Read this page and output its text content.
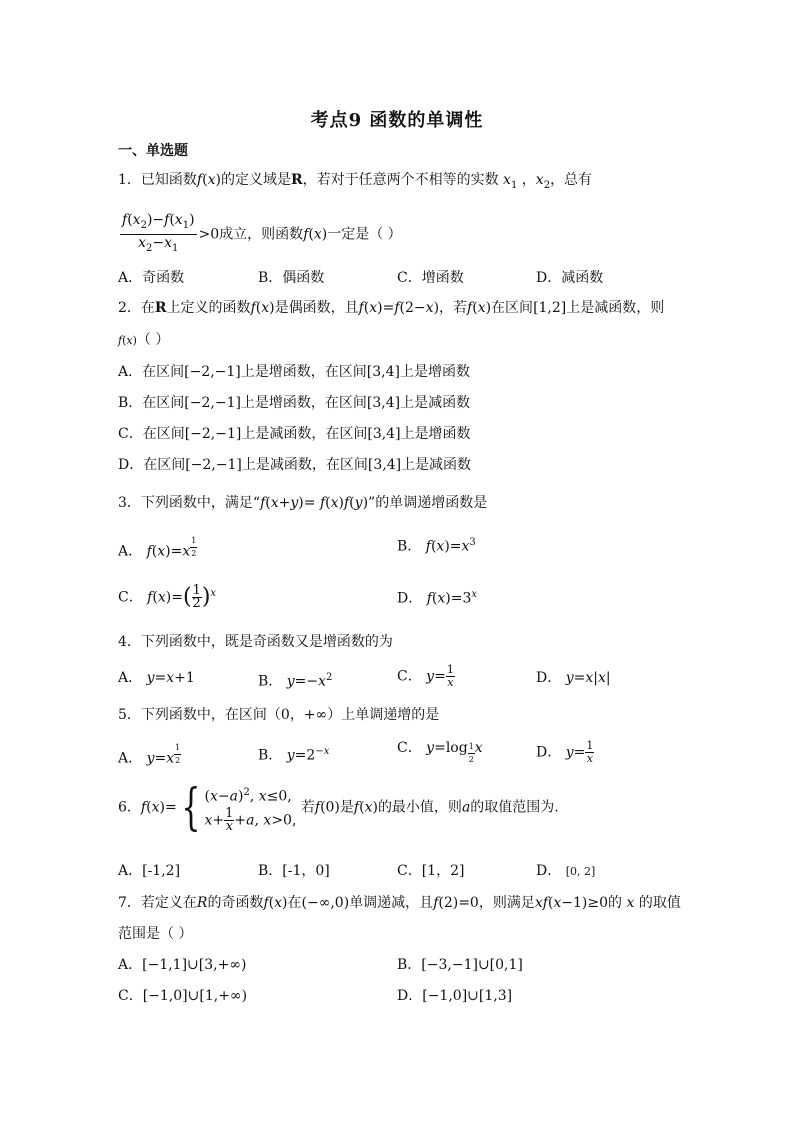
考点9 函数的单调性
一、单选题
1．已知函数f(x)的定义域是R，若对于任意两个不相等的实数 $x_1$ ，$x_2$，总有
$\frac{f(x_2)-f(x_1)}{x_2-x_1} >0$成立，则函数f(x)一定是（ ）
A．奇函数	B．偶函数	C．增函数	D．减函数
2．在R上定义的函数f(x)是偶函数，且f(x)=f(2−x)，若f(x)在区间[1,2]上是减函数，则
f(x)（ ）
A．在区间[−2,−1]上是增函数，在区间[3,4]上是增函数
B．在区间[−2,−1]上是增函数，在区间[3,4]上是减函数
C．在区间[−2,−1]上是减函数，在区间[3,4]上是增函数
D．在区间[−2,−1]上是减函数，在区间[3,4]上是减函数
3．下列函数中，满足“f(x+y)= f(x)f(y)”的单调递增函数是
A． f(x)=x $^{\frac{1}{2}}$	B． $f(x)=x^3$
C． $f(x)=( \frac{1}{2} )^x$	D． $f(x)=3^x$
4．下列函数中，既是奇函数又是增函数的为
A． y=x+1	B． $y=-x^2$	C． $y= \frac{1}{x}$	D． y=x|x|
5．下列函数中，在区间（0，+∞）上单调递增的是
A． y=x $^{\frac{1}{2}}$	B． $y=2^{-x}$	C． y=log $_{\frac{1}{2}}$ x	D． $y= \frac{1}{x}$
6．f(x)={ $(x-a)^2$, x≤0,
$x+ \frac{1}{x} +a$, x>0,
若f(0)是f(x)的最小值，则a的取值范围为.
A．[-1,2]	B．[-1，0]	C．[1，2]	D． [0, 2]
7．若定义在R的奇函数f(x)在(−∞,0)单调递减，且f(2)=0，则满足xf(x−1)≥0的 x 的取值
范围是（ ）
A．[−1,1]∪[3,+∞)	B．[−3,−1]∪[0,1]
C．[−1,0]∪[1,+∞)	D．[−1,0]∪[1,3]
